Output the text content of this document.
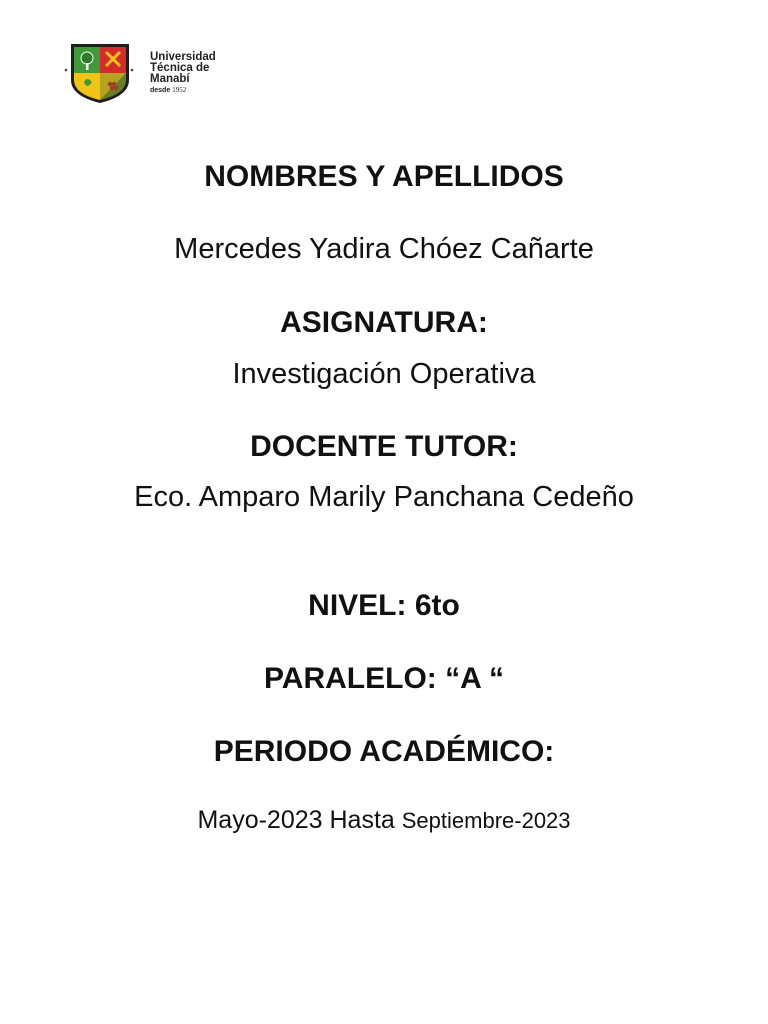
Universidad
Técnica de
Manabí
desde 1952
NOMBRES Y APELLIDOS
Mercedes Yadira Chóez Cañarte
ASIGNATURA:
Investigación Operativa
DOCENTE TUTOR:
Eco. Amparo Marily Panchana Cedeño
NIVEL: 6to
PARALELO: “A “
PERIODO ACADÉMICO:
Mayo-2023 Hasta Septiembre-2023
